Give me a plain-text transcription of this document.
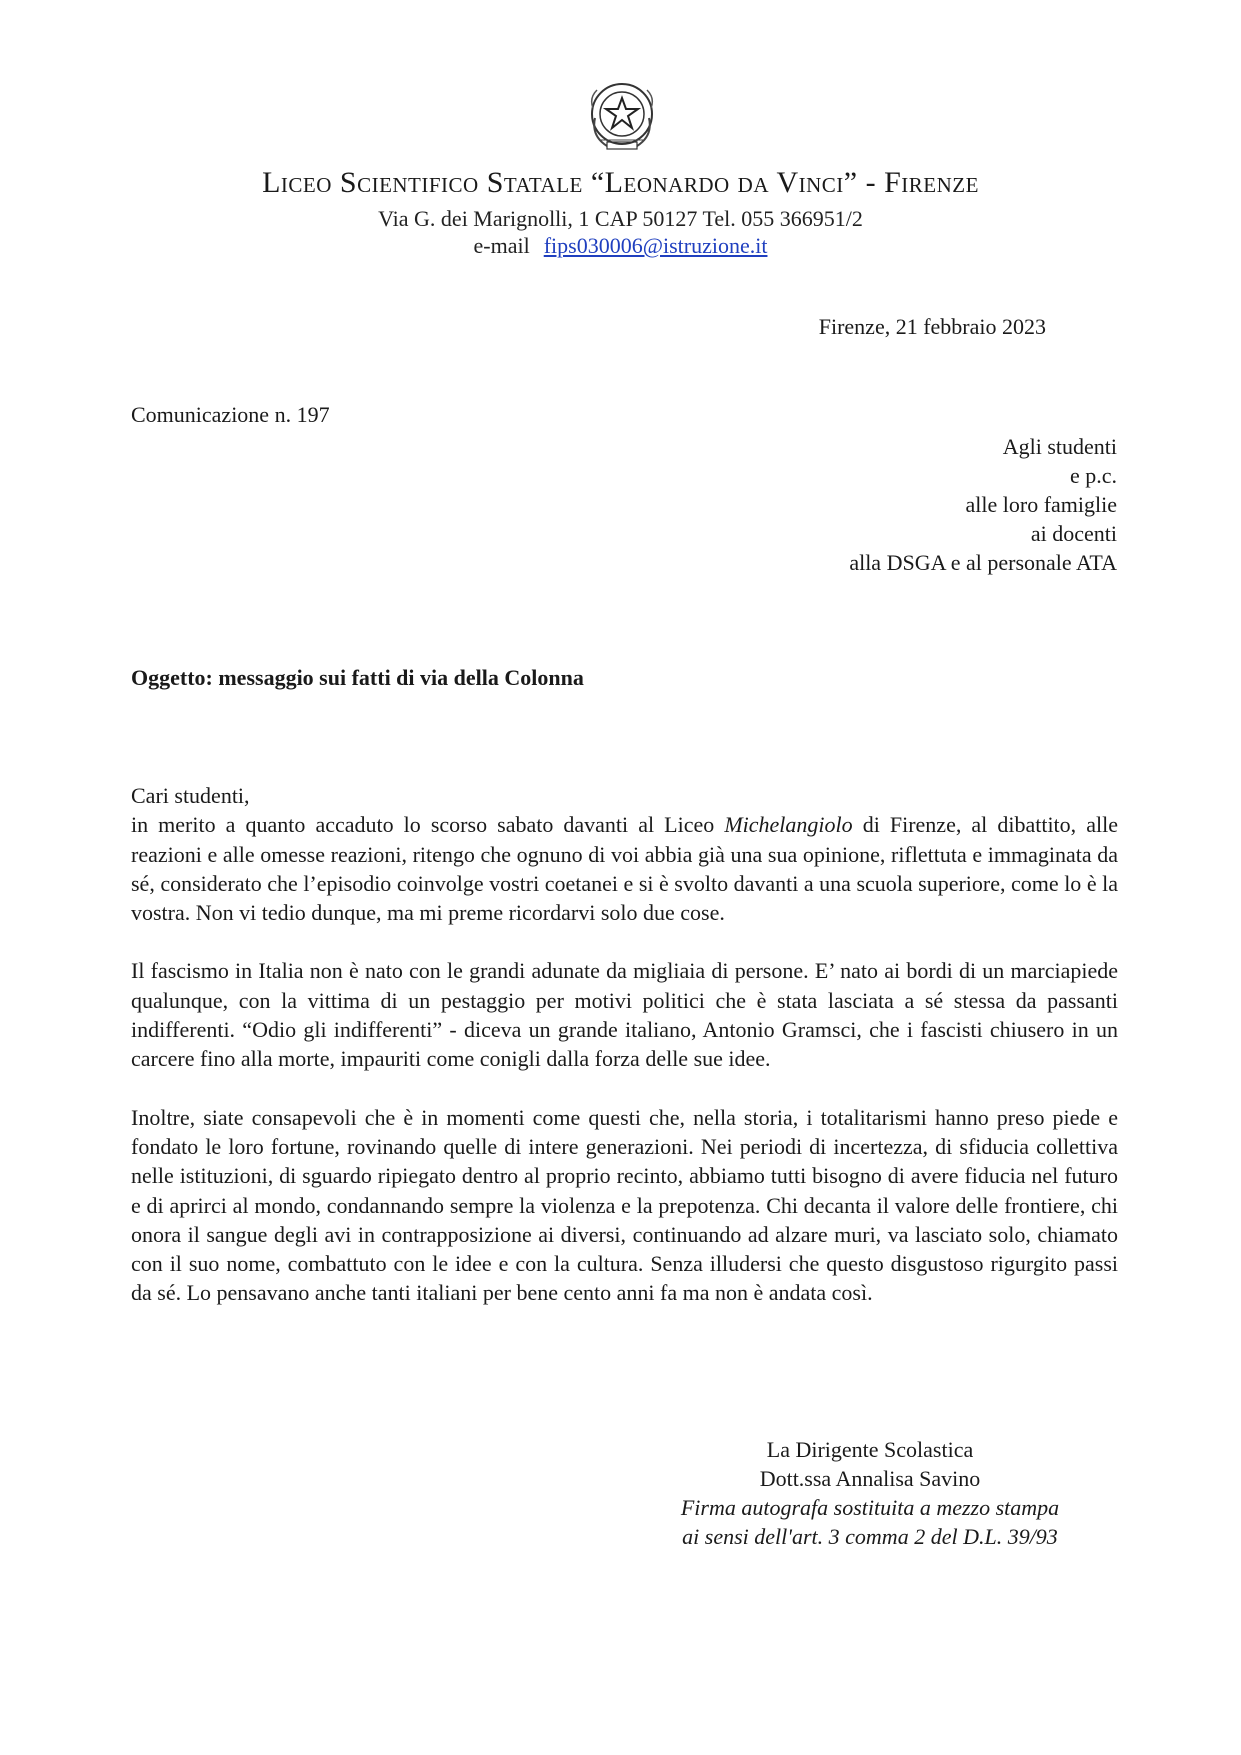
Liceo Scientifico Statale “Leonardo da Vinci” - Firenze
Via G. dei Marignolli, 1 CAP 50127 Tel. 055 366951/2
e-mail fips030006@istruzione.it
Firenze, 21 febbraio 2023
Comunicazione n. 197
Agli studenti
e p.c.
alle loro famiglie
ai docenti
alla DSGA e al personale ATA
Oggetto: messaggio sui fatti di via della Colonna

Cari studenti,

in merito a quanto accaduto lo scorso sabato davanti al Liceo Michelangiolo di Firenze, al dibattito, alle reazioni e alle omesse reazioni, ritengo che ognuno di voi abbia già una sua opinione, riflettuta e immaginata da sé, considerato che l’episodio coinvolge vostri coetanei e si è svolto davanti a una scuola superiore, come lo è la vostra. Non vi tedio dunque, ma mi preme ricordarvi solo due cose.

Il fascismo in Italia non è nato con le grandi adunate da migliaia di persone. E’ nato ai bordi di un marciapiede qualunque, con la vittima di un pestaggio per motivi politici che è stata lasciata a sé stessa da passanti indifferenti. “Odio gli indifferenti” - diceva un grande italiano, Antonio Gramsci, che i fascisti chiusero in un carcere fino alla morte, impauriti come conigli dalla forza delle sue idee.

Inoltre, siate consapevoli che è in momenti come questi che, nella storia, i totalitarismi hanno preso piede e fondato le loro fortune, rovinando quelle di intere generazioni. Nei periodi di incertezza, di sfiducia collettiva nelle istituzioni, di sguardo ripiegato dentro al proprio recinto, abbiamo tutti bisogno di avere fiducia nel futuro e di aprirci al mondo, condannando sempre la violenza e la prepotenza. Chi decanta il valore delle frontiere, chi onora il sangue degli avi in contrapposizione ai diversi, continuando ad alzare muri, va lasciato solo, chiamato con il suo nome, combattuto con le idee e con la cultura. Senza illudersi che questo disgustoso rigurgito passi da sé. Lo pensavano anche tanti italiani per bene cento anni fa ma non è andata così.

La Dirigente Scolastica
Dott.ssa Annalisa Savino
Firma autografa sostituita a mezzo stampa
ai sensi dell'art. 3 comma 2 del D.L. 39/93
